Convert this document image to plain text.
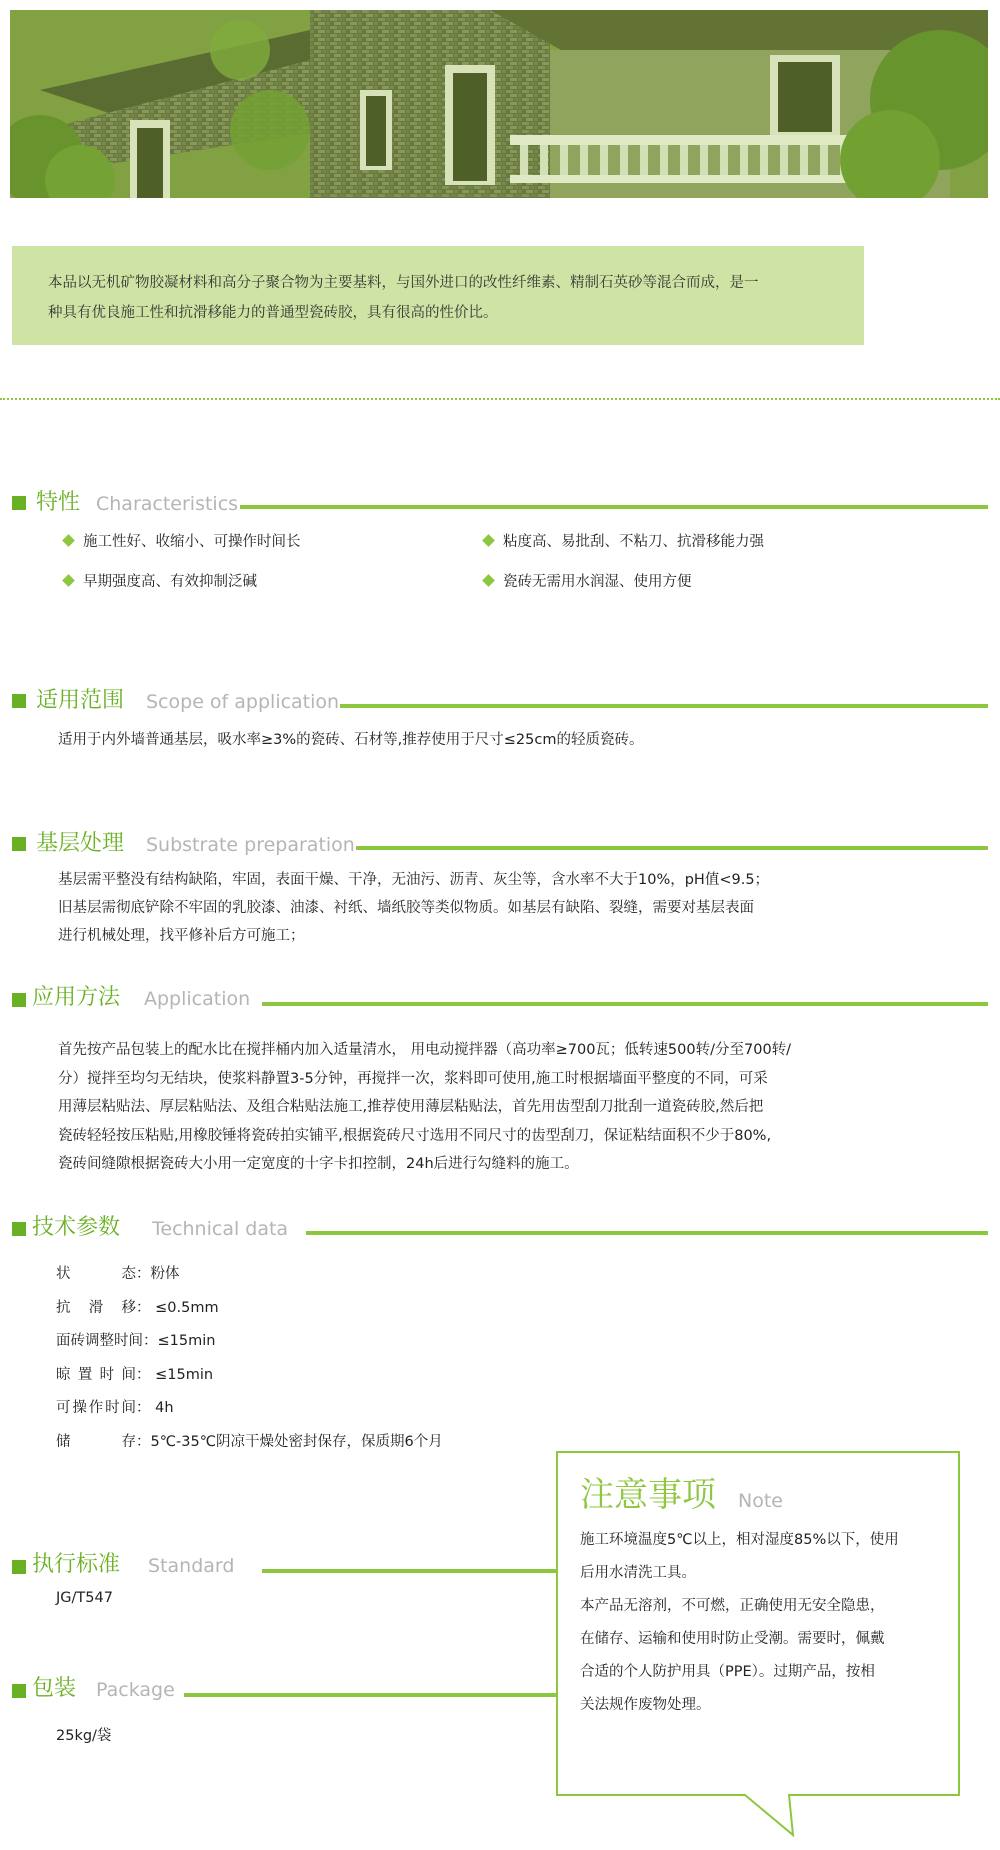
本品以无机矿物胶凝材料和高分子聚合物为主要基料，与国外进口的改性纤维素、精制石英砂等混合而成，是一
种具有优良施工性和抗滑移能力的普通型瓷砖胶，具有很高的性价比。
特性 Characteristics
施工性好、收缩小、可操作时间长	粘度高、易批刮、不粘刀、抗滑移能力强
早期强度高、有效抑制泛碱	瓷砖无需用水润湿、使用方便
适用范围 Scope of application
适用于内外墙普通基层，吸水率≥3%的瓷砖、石材等,推荐使用于尺寸≤25cm的轻质瓷砖。
基层处理 Substrate preparation
基层需平整没有结构缺陷，牢固，表面干燥、干净，无油污、沥青、灰尘等，含水率不大于10%，pH值<9.5；
旧基层需彻底铲除不牢固的乳胶漆、油漆、衬纸、墙纸胶等类似物质。如基层有缺陷、裂缝，需要对基层表面
进行机械处理，找平修补后方可施工；
应用方法 Application
首先按产品包装上的配水比在搅拌桶内加入适量清水， 用电动搅拌器（高功率≥700瓦；低转速500转/分至700转/
分）搅拌至均匀无结块，使浆料静置3-5分钟，再搅拌一次，浆料即可使用,施工时根据墙面平整度的不同，可采
用薄层粘贴法、厚层粘贴法、及组合粘贴法施工,推荐使用薄层粘贴法，首先用齿型刮刀批刮一道瓷砖胶,然后把
瓷砖轻轻按压粘贴,用橡胶锤将瓷砖拍实铺平,根据瓷砖尺寸选用不同尺寸的齿型刮刀，保证粘结面积不少于80%,
瓷砖间缝隙根据瓷砖大小用一定宽度的十字卡扣控制，24h后进行勾缝料的施工。
技术参数 Technical data
状态：粉体
抗滑移： ≤0.5mm
面砖调整时间：≤15min
晾置时间： ≤15min
可操作时间： 4h
储存：5℃-35℃阴凉干燥处密封保存，保质期6个月
执行标准 Standard
JG/T547
包装 Package
25kg/袋
注意事项 Note
施工环境温度5℃以上，相对湿度85%以下，使用
后用水清洗工具。
本产品无溶剂，不可燃，正确使用无安全隐患，
在储存、运输和使用时防止受潮。需要时，佩戴
合适的个人防护用具（PPE）。过期产品，按相
关法规作废物处理。
